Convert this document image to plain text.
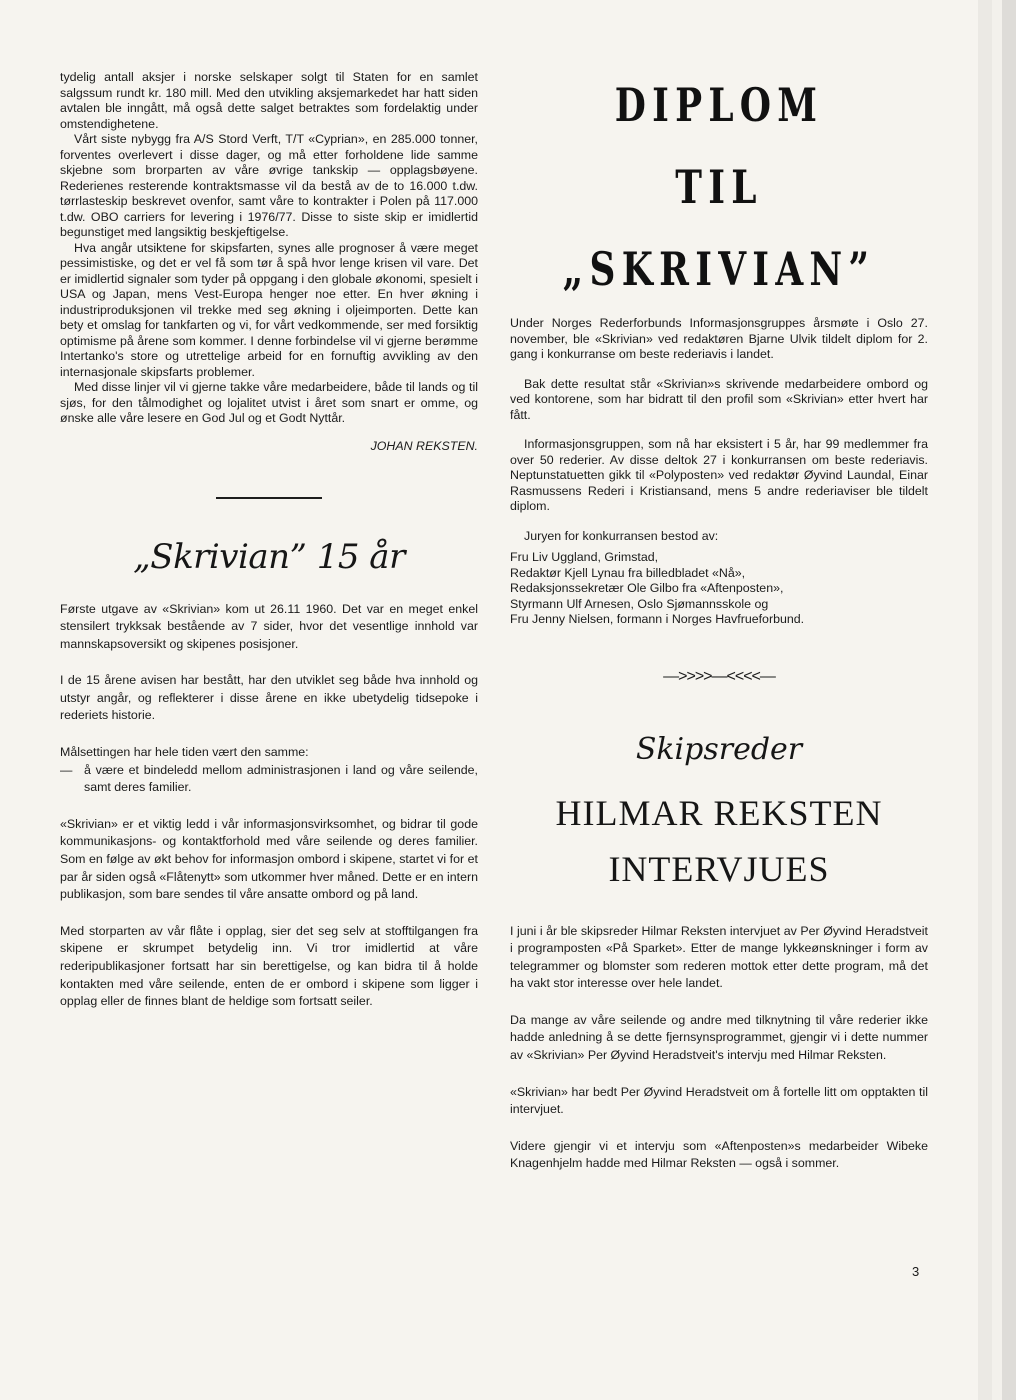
tydelig antall aksjer i norske selskaper solgt til Staten for en samlet salgssum rundt kr. 180 mill. Med den utvikling aksjemarkedet har hatt siden avtalen ble inngått, må også dette salget betraktes som fordelaktig under omstendighetene.

Vårt siste nybygg fra A/S Stord Verft, T/T «Cyprian», en 285.000 tonner, forventes overlevert i disse dager, og må etter forholdene lide samme skjebne som brorparten av våre øvrige tankskip — opplagsbøyene. Rederienes resterende kontraktsmasse vil da bestå av de to 16.000 t.dw. tørrlasteskip beskrevet ovenfor, samt våre to kontrakter i Polen på 117.000 t.dw. OBO carriers for levering i 1976/77. Disse to siste skip er imidlertid begunstiget med langsiktig beskjeftigelse.

Hva angår utsiktene for skipsfarten, synes alle prognoser å være meget pessimistiske, og det er vel få som tør å spå hvor lenge krisen vil vare. Det er imidlertid signaler som tyder på oppgang i den globale økonomi, spesielt i USA og Japan, mens Vest-Europa henger noe etter. En hver økning i industriproduksjonen vil trekke med seg økning i oljeimporten. Dette kan bety et omslag for tankfarten og vi, for vårt vedkommende, ser med forsiktig optimisme på årene som kommer. I denne forbindelse vil vi gjerne berømme Intertanko's store og utrettelige arbeid for en fornuftig avvikling av den internasjonale skipsfarts problemer.

Med disse linjer vil vi gjerne takke våre medarbeidere, både til lands og til sjøs, for den tålmodighet og lojalitet utvist i året som snart er omme, og ønske alle våre lesere en God Jul og et Godt Nyttår.

JOHAN REKSTEN.

„Skrivian” 15 år

Første utgave av «Skrivian» kom ut 26.11 1960. Det var en meget enkel stensilert trykksak bestående av 7 sider, hvor det vesentlige innhold var mannskapsoversikt og skipenes posisjoner.

I de 15 årene avisen har bestått, har den utviklet seg både hva innhold og utstyr angår, og reflekterer i disse årene en ikke ubetydelig tidsepoke i rederiets historie.

Målsettingen har hele tiden vært den samme:

— å være et bindeledd mellom administrasjonen i land og våre seilende, samt deres familier.

«Skrivian» er et viktig ledd i vår informasjonsvirksomhet, og bidrar til gode kommunikasjons- og kontaktforhold med våre seilende og deres familier. Som en følge av økt behov for informasjon ombord i skipene, startet vi for et par år siden også «Flåtenytt» som utkommer hver måned. Dette er en intern publikasjon, som bare sendes til våre ansatte ombord og på land.

Med storparten av vår flåte i opplag, sier det seg selv at stofftilgangen fra skipene er skrumpet betydelig inn. Vi tror imidlertid at våre rederipublikasjoner fortsatt har sin berettigelse, og kan bidra til å holde kontakten med våre seilende, enten de er ombord i skipene som ligger i opplag eller de finnes blant de heldige som fortsatt seiler.

DIPLOM
TIL
„SKRIVIAN”

Under Norges Rederforbunds Informasjonsgruppes årsmøte i Oslo 27. november, ble «Skrivian» ved redaktøren Bjarne Ulvik tildelt diplom for 2. gang i konkurranse om beste rederiavis i landet.

Bak dette resultat står «Skrivian»s skrivende medarbeidere ombord og ved kontorene, som har bidratt til den profil som «Skrivian» etter hvert har fått.

Informasjonsgruppen, som nå har eksistert i 5 år, har 99 medlemmer fra over 50 rederier. Av disse deltok 27 i konkurransen om beste rederiavis. Neptunstatuetten gikk til «Polyposten» ved redaktør Øyvind Laundal, Einar Rasmussens Rederi i Kristiansand, mens 5 andre rederiaviser ble tildelt diplom.

Juryen for konkurransen bestod av:

Fru Liv Uggland, Grimstad,
Redaktør Kjell Lynau fra billedbladet «Nå»,
Redaksjonssekretær Ole Gilbo fra «Aftenposten»,
Styrmann Ulf Arnesen, Oslo Sjømannsskole og
Fru Jenny Nielsen, formann i Norges Havfrueforbund.
—>>>>—<<<<—
Skipsreder
HILMAR REKSTEN
INTERVJUES

I juni i år ble skipsreder Hilmar Reksten intervjuet av Per Øyvind Heradstveit i programposten «På Sparket». Etter de mange lykkeønskninger i form av telegrammer og blomster som rederen mottok etter dette program, må det ha vakt stor interesse over hele landet.

Da mange av våre seilende og andre med tilknytning til våre rederier ikke hadde anledning å se dette fjernsynsprogrammet, gjengir vi i dette nummer av «Skrivian» Per Øyvind Heradstveit's intervju med Hilmar Reksten.

«Skrivian» har bedt Per Øyvind Heradstveit om å fortelle litt om opptakten til intervjuet.

Videre gjengir vi et intervju som «Aftenposten»s medarbeider Wibeke Knagenhjelm hadde med Hilmar Reksten — også i sommer.

3
